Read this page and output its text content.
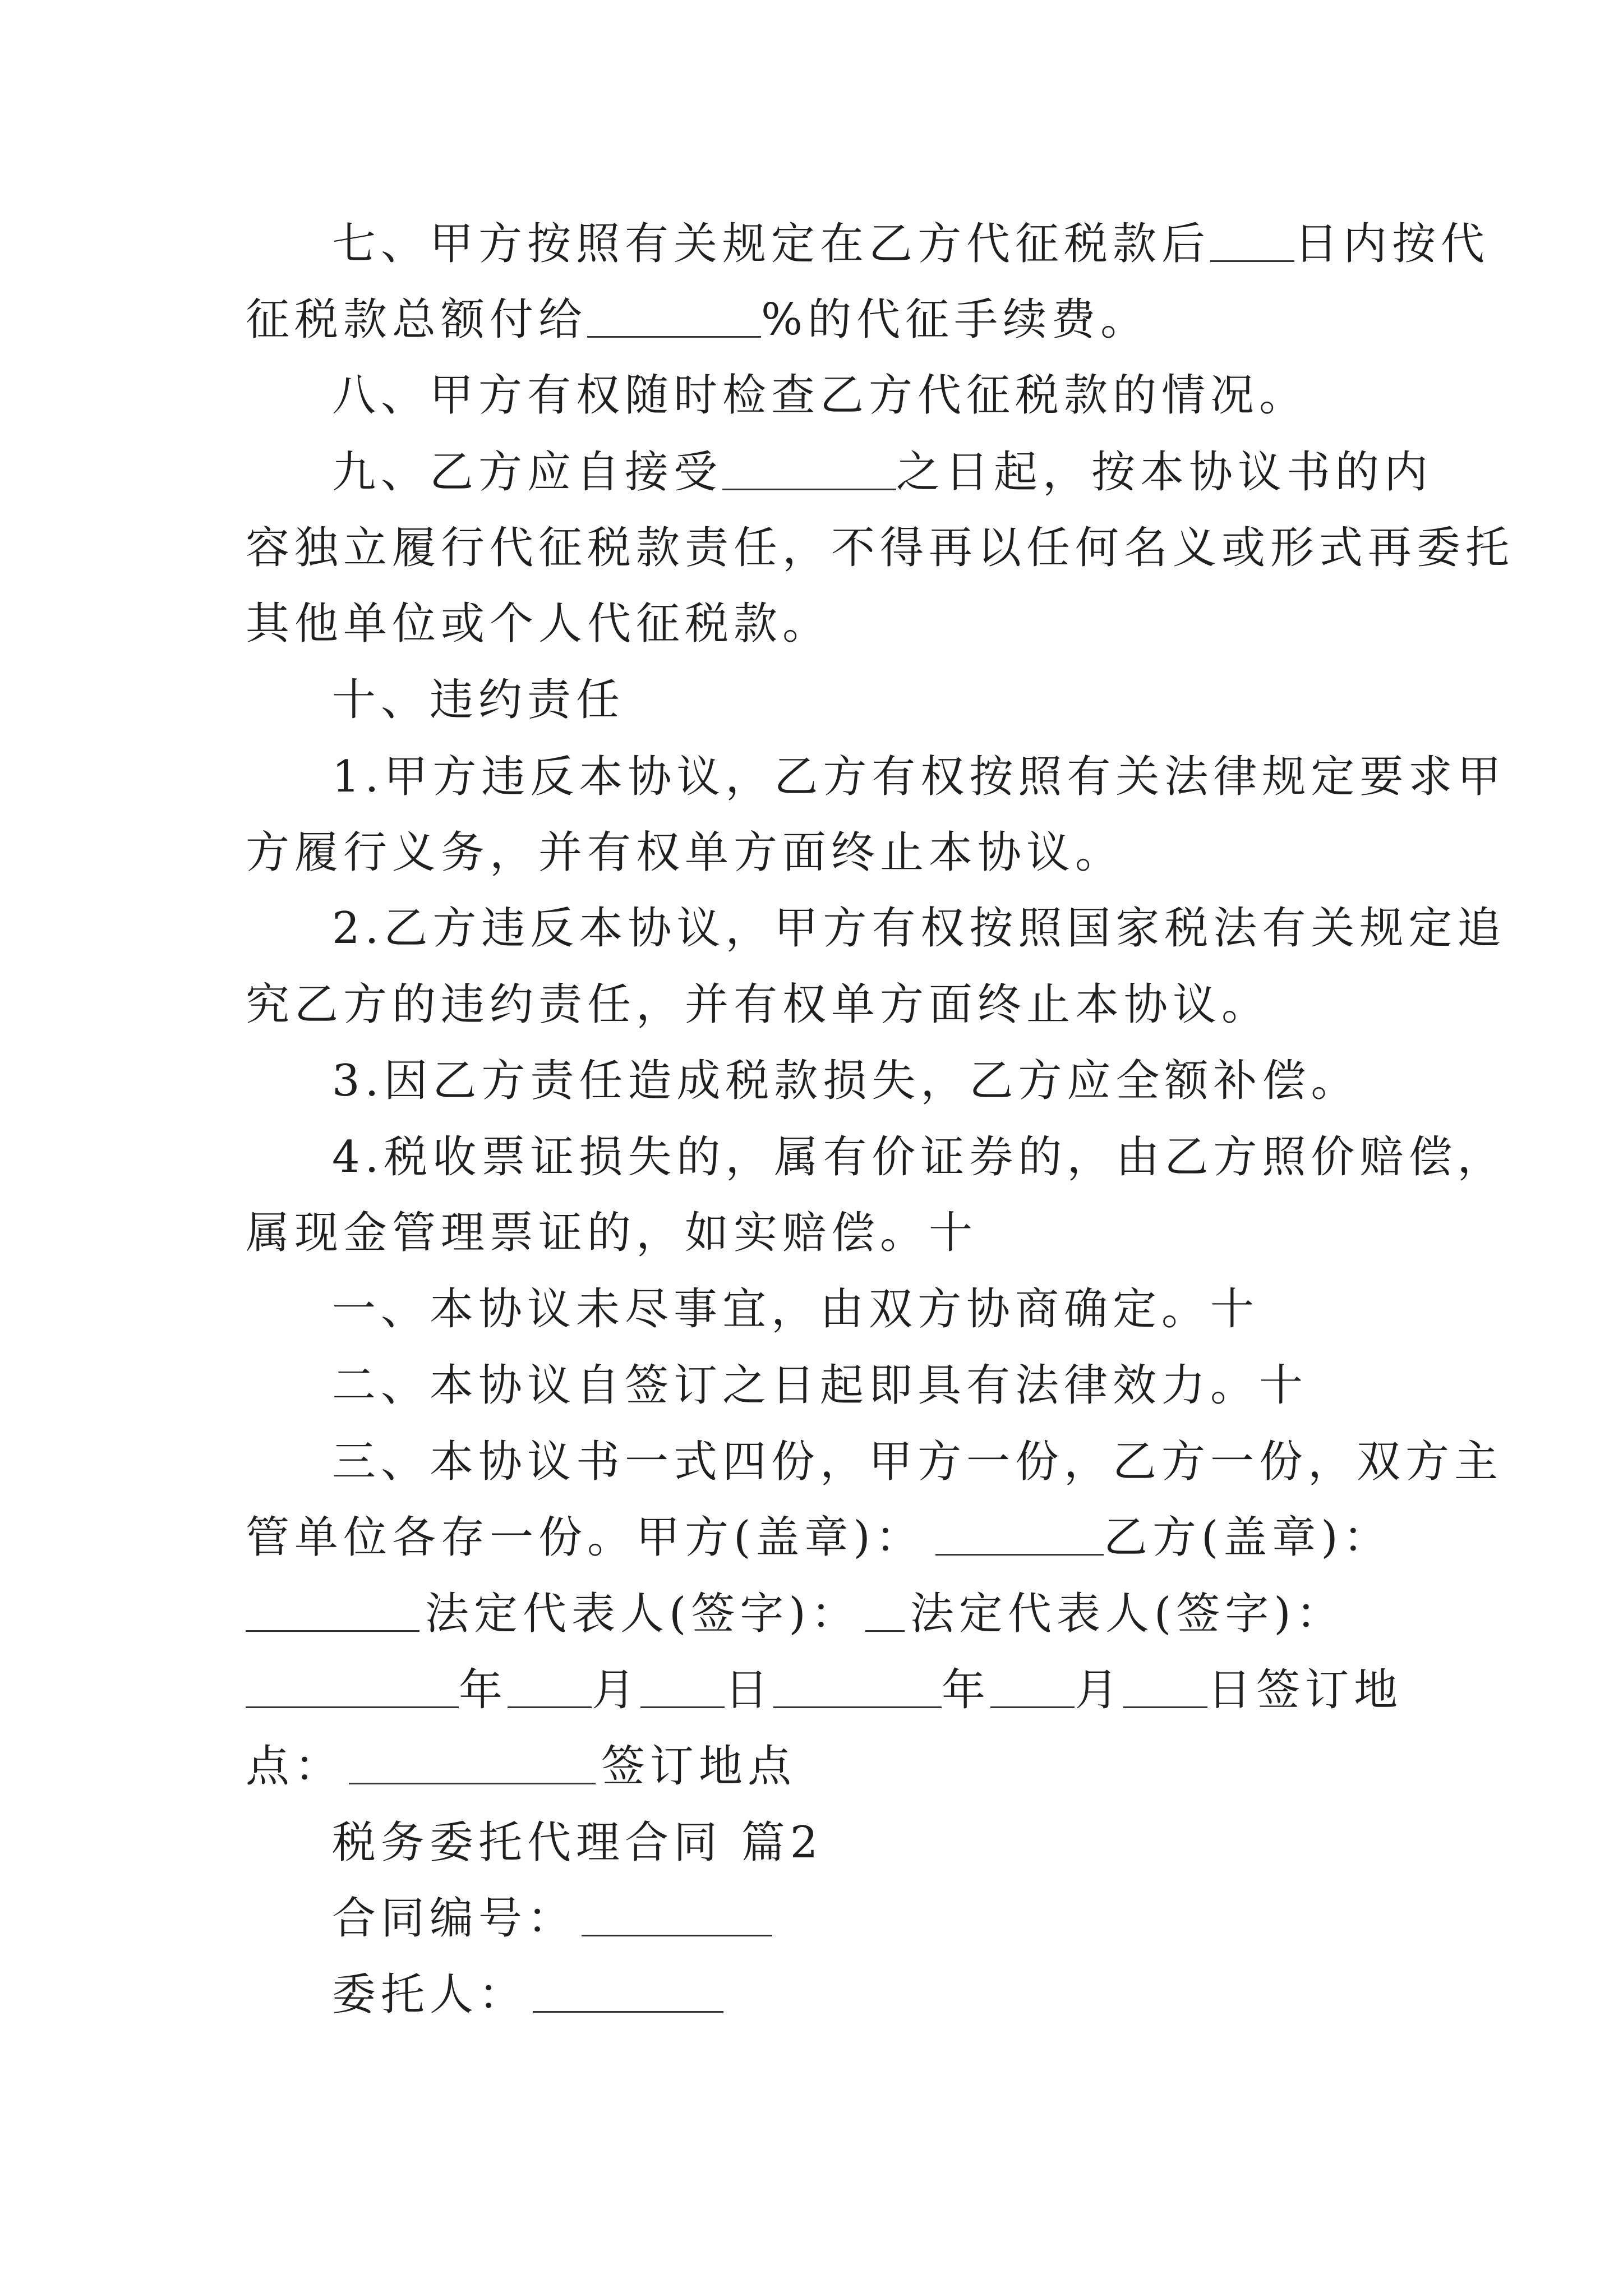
七、甲方按照有关规定在乙方代征税款后 日内按代
征税款总额付给	%的代征手续费。
八、甲方有权随时检查乙方代征税款的情况。
九、乙方应自接受	之日起，按本协议书的内
容独立履行代征税款责任，不得再以任何名义或形式再委托
其他单位或个人代征税款。
十、违约责任
1.甲方违反本协议，乙方有权按照有关法律规定要求甲
方履行义务，并有权单方面终止本协议。
2.乙方违反本协议，甲方有权按照国家税法有关规定追
究乙方的违约责任，并有权单方面终止本协议。
3.因乙方责任造成税款损失，乙方应全额补偿。
4.税收票证损失的，属有价证券的，由乙方照价赔偿，
属现金管理票证的，如实赔偿。十
一、本协议未尽事宜，由双方协商确定。十
二、本协议自签订之日起即具有法律效力。十
三、本协议书一式四份，甲方一份，乙方一份，双方主
管单位各存一份。甲方(盖章)：	乙方(盖章)：
法定代表人(签字)： 法定代表人(签字)：
年 月 日	年 月 日签订地
点：	签订地点
税务委托代理合同 篇2
合同编号：
委托人：
